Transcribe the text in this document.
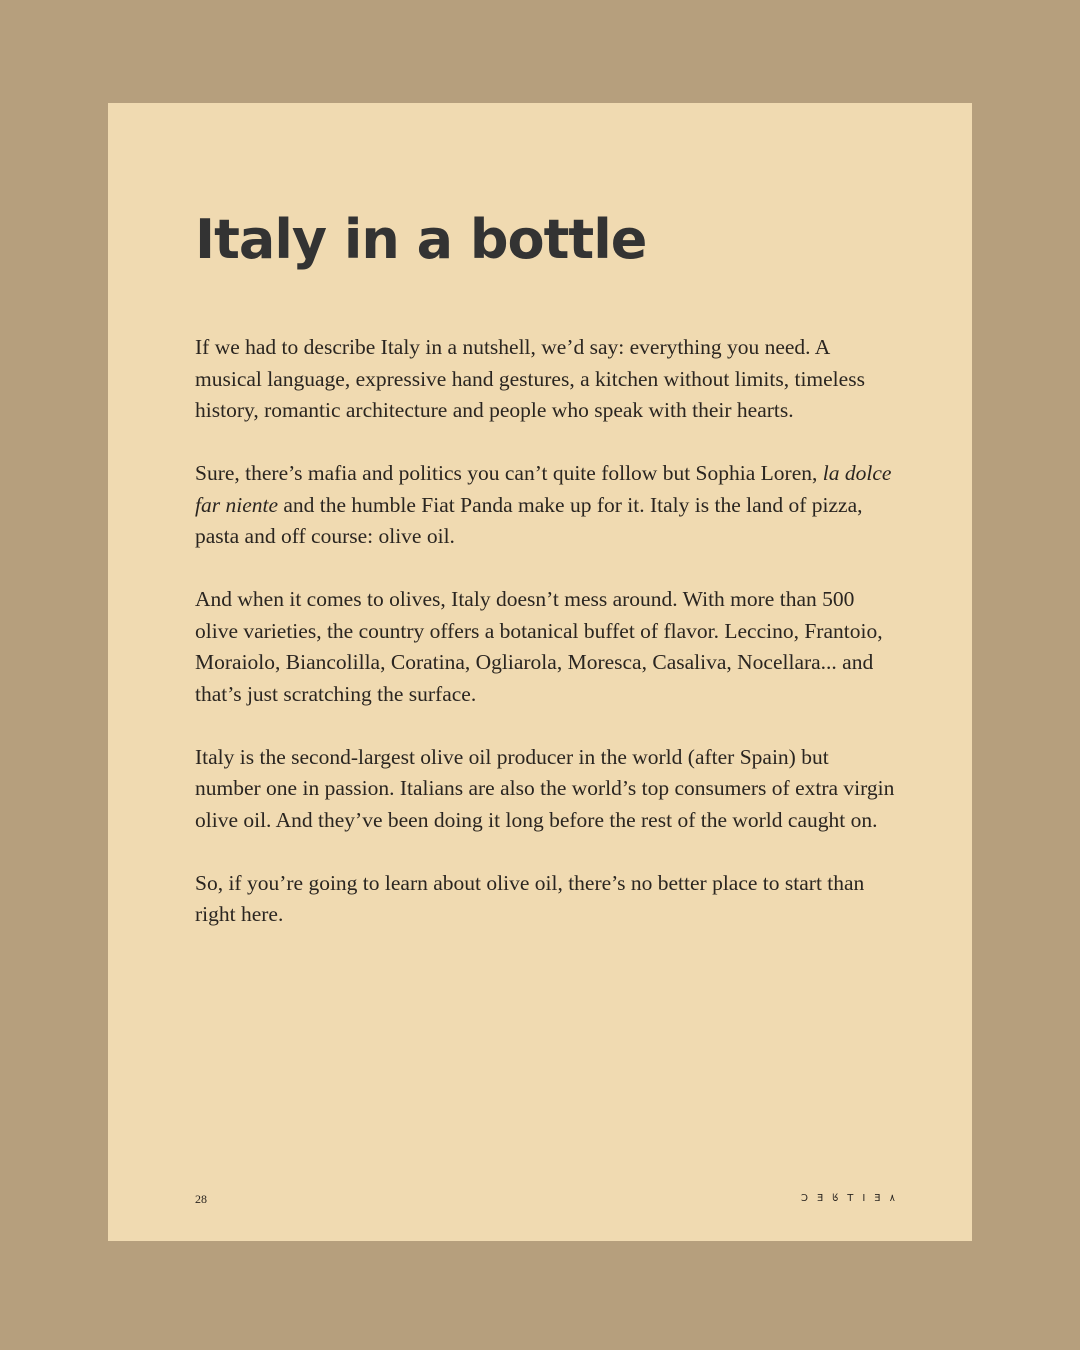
Italy in a bottle

If we had to describe Italy in a nutshell, we’d say: everything you need. A musical language, expressive hand gestures, a kitchen without limits, timeless history, romantic architecture and people who speak with their hearts.

Sure, there’s mafia and politics you can’t quite follow but Sophia Loren, la dolce far niente and the humble Fiat Panda make up for it. Italy is the land of pizza, pasta and off course: olive oil.

And when it comes to olives, Italy doesn’t mess around. With more than 500 olive varieties, the country offers a botanical buffet of flavor. Leccino, Frantoio, Moraiolo, Biancolilla, Coratina, Ogliarola, Moresca, Casaliva, Nocellara... and that’s just scratching the surface.

Italy is the second-largest olive oil producer in the world (after Spain) but number one in passion. Italians are also the world’s top consumers of extra virgin olive oil. And they’ve been doing it long before the rest of the world caught on.

So, if you’re going to learn about olive oil, there’s no better place to start than right here.

28	ƆƎᖉTIƎ٨
